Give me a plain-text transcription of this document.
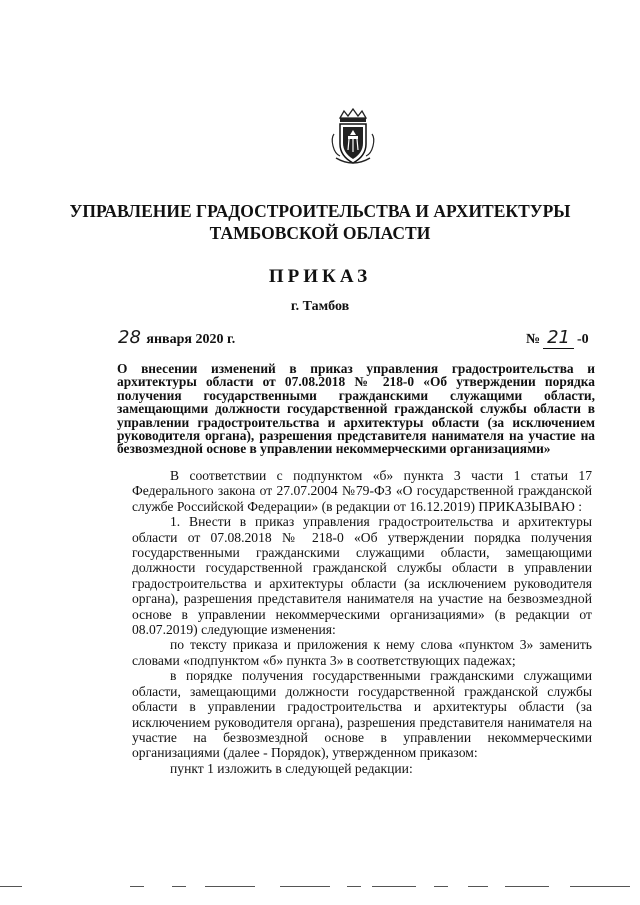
УПРАВЛЕНИЕ ГРАДОСТРОИТЕЛЬСТВА И АРХИТЕКТУРЫ
ТАМБОВСКОЙ ОБЛАСТИ
ПРИКАЗ
г. Тамбов
28 января 2020 г.	№ 21 -0
О внесении изменений в приказ управления градостроительства и архитектуры области от 07.08.2018 № 218-0 «Об утверждении порядка получения государственными гражданскими служащими области, замещающими должности государственной гражданской службы области в управлении градостроительства и архитектуры области (за исключением руководителя органа), разрешения представителя нанимателя на участие на безвозмездной основе в управлении некоммерческими организациями»

В соответствии с подпунктом «б» пункта 3 части 1 статьи 17 Федерального закона от 27.07.2004 №79-ФЗ «О государственной гражданской службе Российской Федерации» (в редакции от 16.12.2019) ПРИКАЗЫВАЮ :

1. Внести в приказ управления градостроительства и архитектуры области от 07.08.2018 № 218-0 «Об утверждении порядка получения государственными гражданскими служащими области, замещающими должности государственной гражданской службы области в управлении градостроительства и архитектуры области (за исключением руководителя органа), разрешения представителя нанимателя на участие на безвозмездной основе в управлении некоммерческими организациями» (в редакции от 08.07.2019) следующие изменения:

по тексту приказа и приложения к нему слова «пунктом 3» заменить словами «подпунктом «б» пункта 3» в соответствующих падежах;

в порядке получения государственными гражданскими служащими области, замещающими должности государственной гражданской службы области в управлении градостроительства и архитектуры области (за исключением руководителя органа), разрешения представителя нанимателя на участие на безвозмездной основе в управлении некоммерческими организациями (далее - Порядок), утвержденном приказом:

пункт 1 изложить в следующей редакции:
